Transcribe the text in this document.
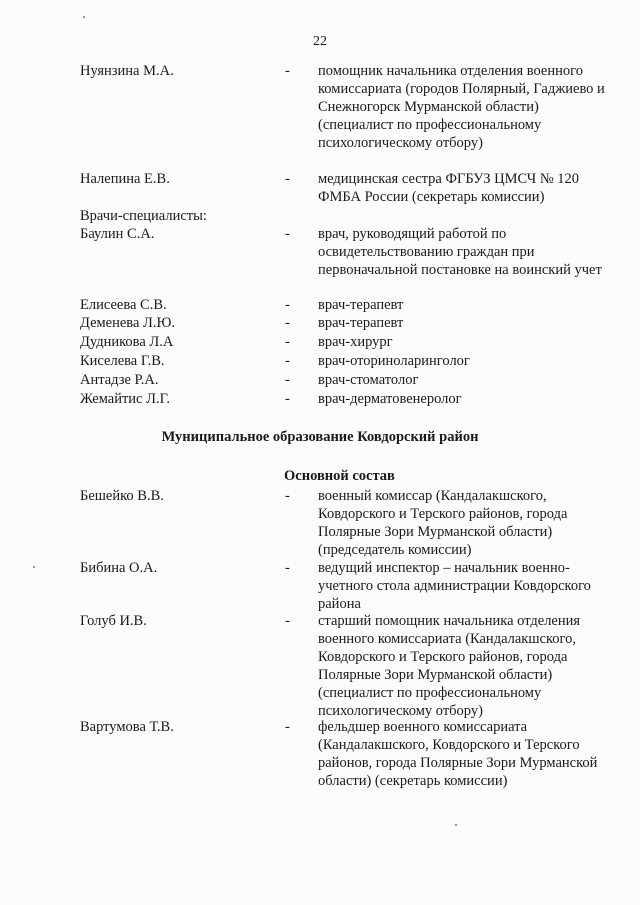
22
Нуянзина М.А.	- помощник начальника отделения военного комиссариата (городов Полярный, Гаджиево и Снежногорск Мурманской области) (специалист по профессиональному психологическому отбору)
Налепина Е.В.	- медицинская сестра ФГБУЗ ЦМСЧ № 120 ФМБА России (секретарь комиссии)
Врачи-специалисты:
Баулин С.А.	- врач, руководящий работой по освидетельствованию граждан при первоначальной постановке на воинский учет
Елисеева С.В.	- врач-терапевт
Деменева Л.Ю.	- врач-терапевт
Дудникова Л.А	- врач-хирург
Киселева Г.В.	- врач-оториноларинголог
Антадзе Р.А.	- врач-стоматолог
Жемайтис Л.Г.	- врач-дерматовенеролог
Муниципальное образование Ковдорский район
Основной состав
Бешейко В.В.	- военный комиссар (Кандалакшского, Ковдорского и Терского районов, города Полярные Зори Мурманской области) (председатель комиссии)
Бибина О.А.	- ведущий инспектор – начальник военно-учетного стола администрации Ковдорского района
Голуб И.В.	- старший помощник начальника отделения военного комиссариата (Кандалакшского, Ковдорского и Терского районов, города Полярные Зори Мурманской области) (специалист по профессиональному психологическому отбору)
Вартумова Т.В.	- фельдшер военного комиссариата (Кандалакшского, Ковдорского и Терского районов, города Полярные Зори Мурманской области) (секретарь комиссии)
